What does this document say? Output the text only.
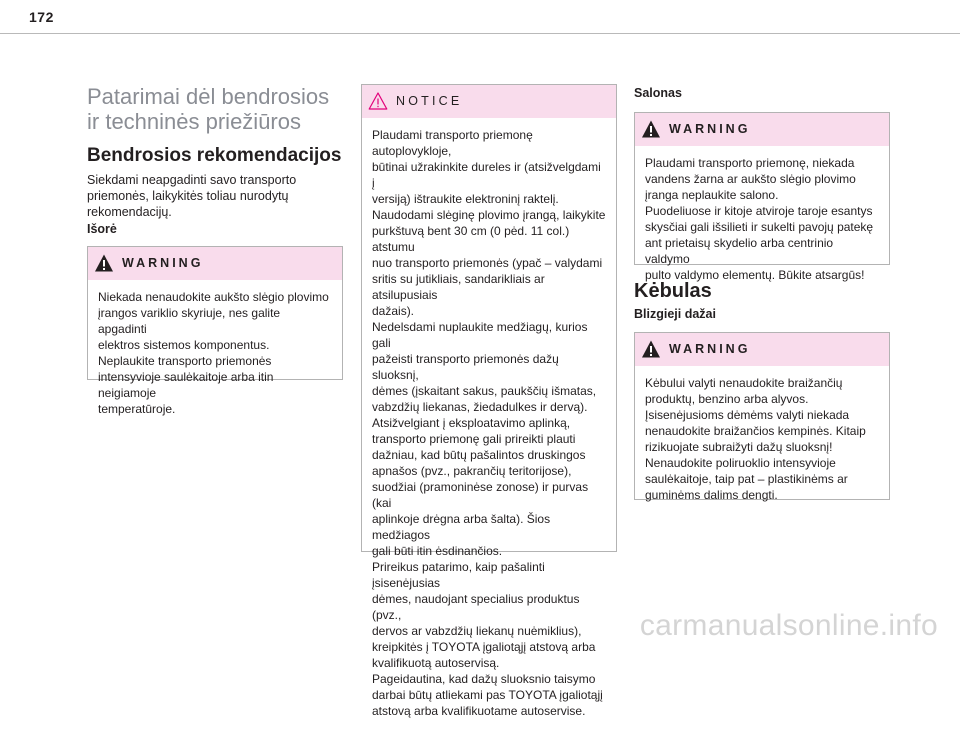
172
Patarimai dėl bendrosios
ir techninės priežiūros
Bendrosios rekomendacijos
Siekdami neapgadinti savo transporto
priemonės, laikykitės toliau nurodytų
rekomendacijų.
Išorė
WARNING

Niekada nenaudokite aukšto slėgio plovimo

įrangos variklio skyriuje, nes galite apgadinti

elektros sistemos komponentus.

Neplaukite transporto priemonės

intensyvioje saulėkaitoje arba itin neigiamoje

temperatūroje.

NOTICE

Plaudami transporto priemonę autoplovykloje,

būtinai užrakinkite dureles ir (atsižvelgdami į

versiją) ištraukite elektroninį raktelį.

Naudodami slėginę plovimo įrangą, laikykite

purkštuvą bent 30 cm (0 pėd. 11 col.) atstumu

nuo transporto priemonės (ypač – valydami

sritis su jutikliais, sandarikliais ar atsilupusiais

dažais).

Nedelsdami nuplaukite medžiagų, kurios gali

pažeisti transporto priemonės dažų sluoksnį,

dėmes (įskaitant sakus, paukščių išmatas,

vabzdžių liekanas, žiedadulkes ir dervą).

Atsižvelgiant į eksploatavimo aplinką,

transporto priemonę gali prireikti plauti

dažniau, kad būtų pašalintos druskingos

apnašos (pvz., pakrančių teritorijose),

suodžiai (pramoninėse zonose) ir purvas (kai

aplinkoje drėgna arba šalta). Šios medžiagos

gali būti itin ėsdinančios.

Prireikus patarimo, kaip pašalinti įsisenėjusias

dėmes, naudojant specialius produktus (pvz.,

dervos ar vabzdžių liekanų nuėmiklius),

kreipkitės į TOYOTA įgaliotąjį atstovą arba

kvalifikuotą autoservisą.

Pageidautina, kad dažų sluoksnio taisymo

darbai būtų atliekami pas TOYOTA įgaliotąjį

atstovą arba kvalifikuotame autoservise.

Salonas
WARNING

Plaudami transporto priemonę, niekada

vandens žarna ar aukšto slėgio plovimo

įranga neplaukite salono.

Puodeliuose ir kitoje atviroje taroje esantys

skysčiai gali išsilieti ir sukelti pavojų patekę

ant prietaisų skydelio arba centrinio valdymo

pulto valdymo elementų. Būkite atsargūs!

Kėbulas
Blizgieji dažai
WARNING

Kėbului valyti nenaudokite braižančių

produktų, benzino arba alyvos.

Įsisenėjusioms dėmėms valyti niekada

nenaudokite braižančios kempinės. Kitaip

rizikuojate subraižyti dažų sluoksnį!

Nenaudokite poliruoklio intensyvioje

saulėkaitoje, taip pat – plastikinėms ar

guminėms dalims dengti.

carmanualsonline.info
